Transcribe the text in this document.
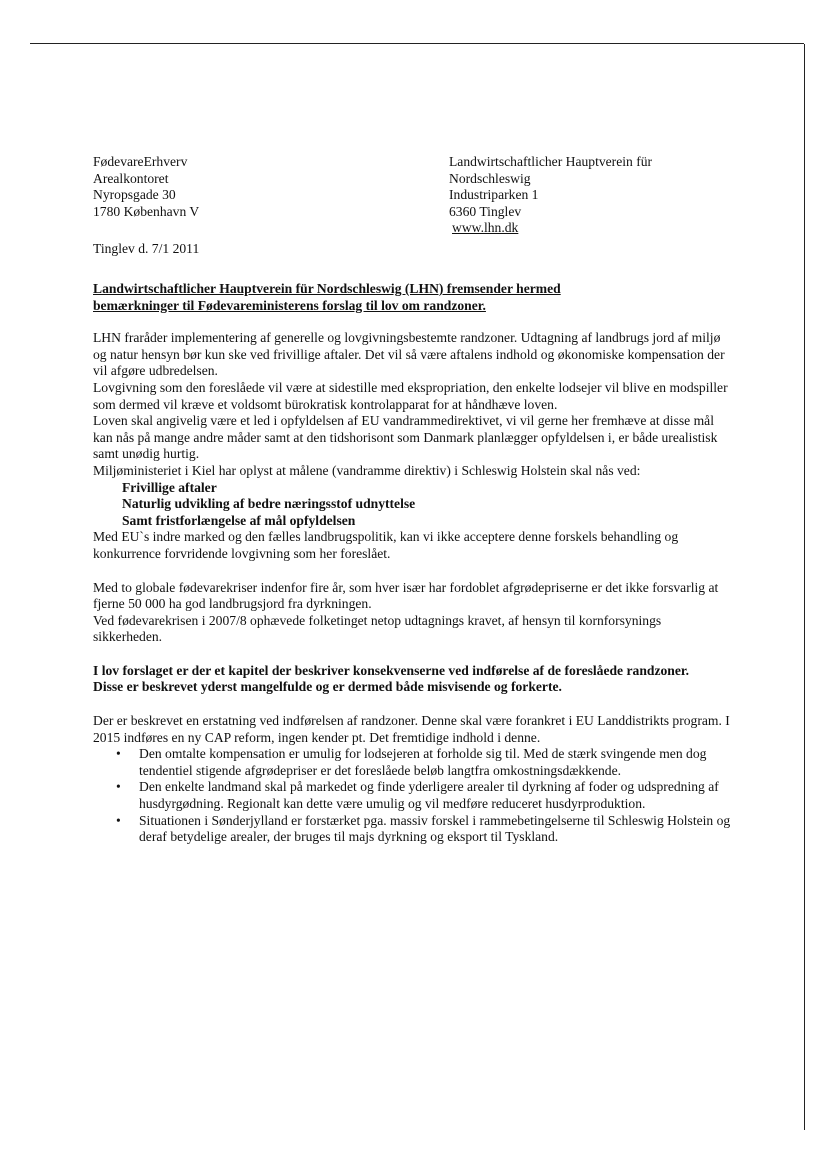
FødevareErhverv
Arealkontoret
Nyropsgade 30
1780 København V
Landwirtschaftlicher Hauptverein für
Nordschleswig
Industriparken 1
6360 Tinglev
www.lhn.dk
Tinglev d. 7/1 2011

Landwirtschaftlicher Hauptverein für Nordschleswig (LHN) fremsender hermed
bemærkninger til Fødevareministerens forslag til lov om randzoner.

LHN fraråder implementering af generelle og lovgivningsbestemte randzoner. Udtagning af landbrugs jord af miljø og natur hensyn bør kun ske ved frivillige aftaler. Det vil så være aftalens indhold og økonomiske kompensation der vil afgøre udbredelsen.

Lovgivning som den foreslåede vil være at sidestille med ekspropriation, den enkelte lodsejer vil blive en modspiller som dermed vil kræve et voldsomt bürokratisk kontrolapparat for at håndhæve loven.

Loven skal angivelig være et led i opfyldelsen af EU vandrammedirektivet, vi vil gerne her fremhæve at disse mål kan nås på mange andre måder samt at den tidshorisont som Danmark planlægger opfyldelsen i, er både urealistisk samt unødig hurtig.

Miljøministeriet i Kiel har oplyst at målene (vandramme direktiv) i Schleswig Holstein skal nås ved:

Frivillige aftaler
Naturlig udvikling af bedre næringsstof udnyttelse
Samt fristforlængelse af mål opfyldelsen

Med EU`s indre marked og den fælles landbrugspolitik, kan vi ikke acceptere denne forskels behandling og konkurrence forvridende lovgivning som her foreslået.

Med to globale fødevarekriser indenfor fire år, som hver især har fordoblet afgrødepriserne er det ikke forsvarlig at fjerne 50 000 ha god landbrugsjord fra dyrkningen.

Ved fødevarekrisen i 2007/8 ophævede folketinget netop udtagnings kravet, af hensyn til kornforsynings sikkerheden.

I lov forslaget er der et kapitel der beskriver konsekvenserne ved indførelse af de foreslåede randzoner.

Disse er beskrevet yderst mangelfulde og er dermed både misvisende og forkerte.

Der er beskrevet en erstatning ved indførelsen af randzoner. Denne skal være forankret i EU Landdistrikts program. I 2015 indføres en ny CAP reform, ingen kender pt. Det fremtidige indhold i denne.

• Den omtalte kompensation er umulig for lodsejeren at forholde sig til. Med de stærk svingende men dog tendentiel stigende afgrødepriser er det foreslåede beløb langtfra omkostningsdækkende.
• Den enkelte landmand skal på markedet og finde yderligere arealer til dyrkning af foder og udspredning af husdyrgødning. Regionalt kan dette være umulig og vil medføre reduceret husdyrproduktion.
• Situationen i Sønderjylland er forstærket pga. massiv forskel i rammebetingelserne til Schleswig Holstein og deraf betydelige arealer, der bruges til majs dyrkning og eksport til Tyskland.
